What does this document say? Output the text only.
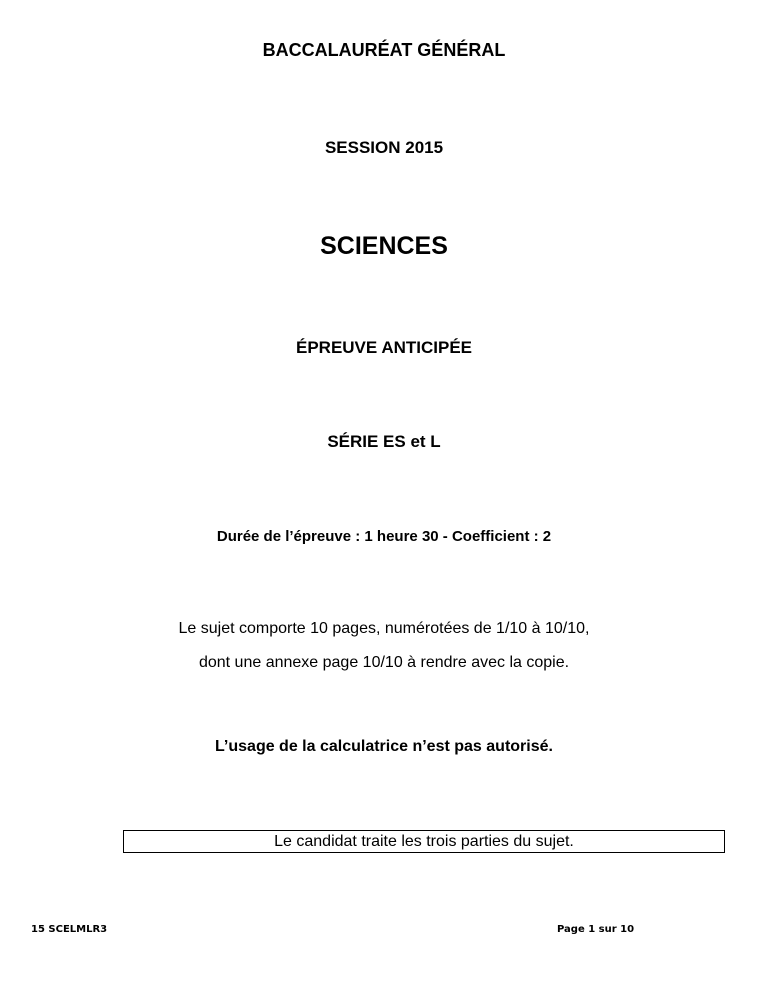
BACCALAURÉAT GÉNÉRAL
SESSION 2015
SCIENCES
ÉPREUVE ANTICIPÉE
SÉRIE ES et L
Durée de l’épreuve : 1 heure 30 - Coefficient : 2
Le sujet comporte 10 pages, numérotées de 1/10 à 10/10,
dont une annexe page 10/10 à rendre avec la copie.
L’usage de la calculatrice n’est pas autorisé.
Le candidat traite les trois parties du sujet.
15 SCELMLR3	Page 1 sur 10
